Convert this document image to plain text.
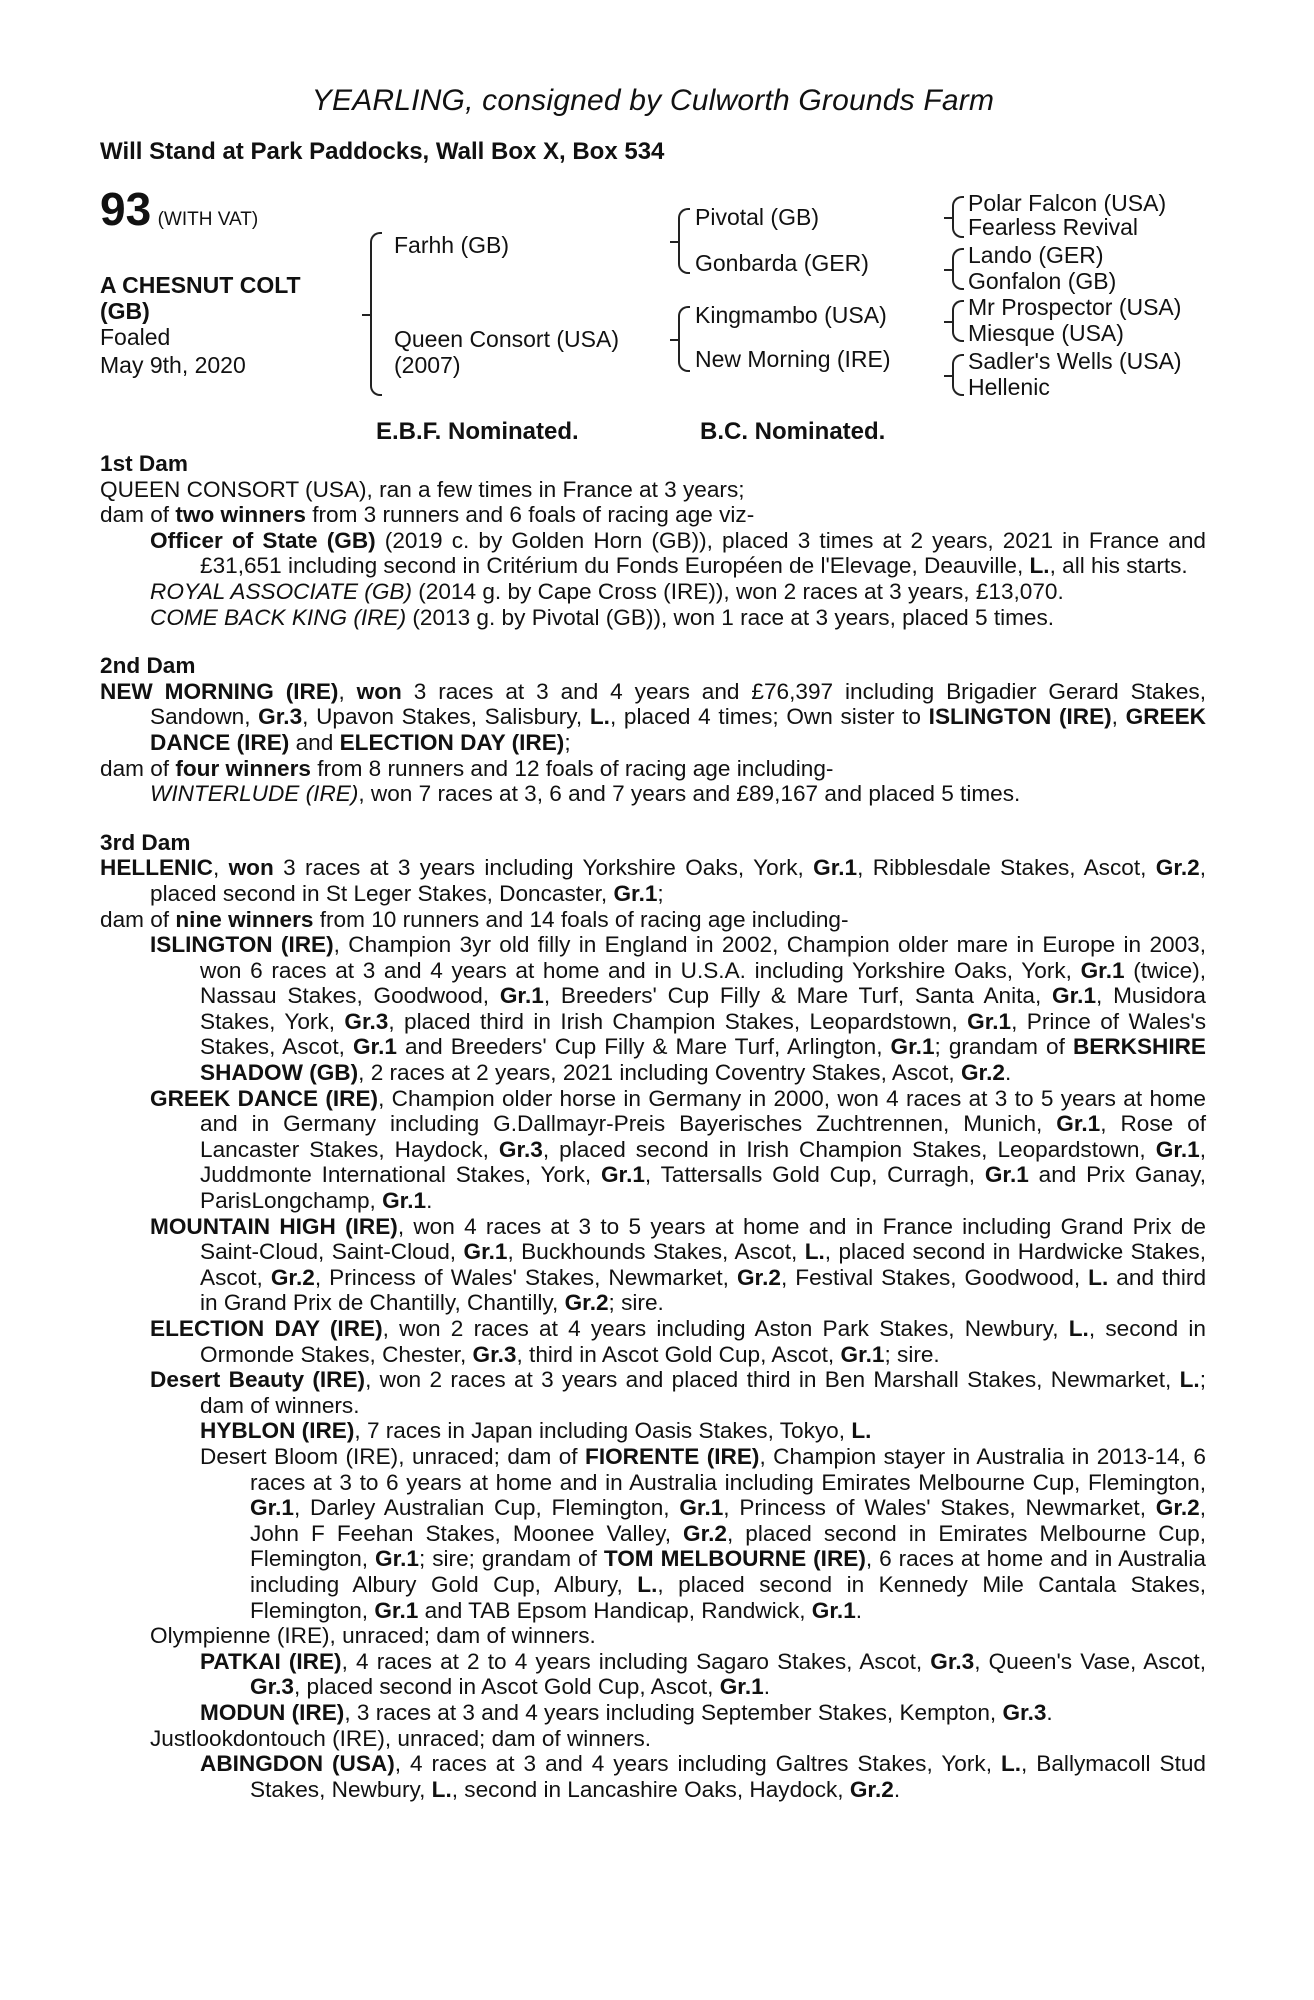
YEARLING, consigned by Culworth Grounds Farm
Will Stand at Park Paddocks, Wall Box X, Box 534
93 (WITH VAT)
A CHESNUT COLT
(GB)
Foaled
May 9th, 2020
Farhh (GB)
Queen Consort (USA)
(2007)
Pivotal (GB)
Gonbarda (GER)
Kingmambo (USA)
New Morning (IRE)
Polar Falcon (USA)
Fearless Revival
Lando (GER)
Gonfalon (GB)
Mr Prospector (USA)
Miesque (USA)
Sadler's Wells (USA)
Hellenic
E.B.F. Nominated.	B.C. Nominated.
1st Dam

QUEEN CONSORT (USA), ran a few times in France at 3 years;

dam of two winners from 3 runners and 6 foals of racing age viz-

Officer of State (GB) (2019 c. by Golden Horn (GB)), placed 3 times at 2 years, 2021 in France and £31,651 including second in Critérium du Fonds Européen de l'Elevage, Deauville, L., all his starts.

ROYAL ASSOCIATE (GB) (2014 g. by Cape Cross (IRE)), won 2 races at 3 years, £13,070.

COME BACK KING (IRE) (2013 g. by Pivotal (GB)), won 1 race at 3 years, placed 5 times.

2nd Dam

NEW MORNING (IRE), won 3 races at 3 and 4 years and £76,397 including Brigadier Gerard Stakes, Sandown, Gr.3, Upavon Stakes, Salisbury, L., placed 4 times; Own sister to ISLINGTON (IRE), GREEK DANCE (IRE) and ELECTION DAY (IRE);

dam of four winners from 8 runners and 12 foals of racing age including-

WINTERLUDE (IRE), won 7 races at 3, 6 and 7 years and £89,167 and placed 5 times.

3rd Dam

HELLENIC, won 3 races at 3 years including Yorkshire Oaks, York, Gr.1, Ribblesdale Stakes, Ascot, Gr.2, placed second in St Leger Stakes, Doncaster, Gr.1;

dam of nine winners from 10 runners and 14 foals of racing age including-

ISLINGTON (IRE), Champion 3yr old filly in England in 2002, Champion older mare in Europe in 2003, won 6 races at 3 and 4 years at home and in U.S.A. including Yorkshire Oaks, York, Gr.1 (twice), Nassau Stakes, Goodwood, Gr.1, Breeders' Cup Filly & Mare Turf, Santa Anita, Gr.1, Musidora Stakes, York, Gr.3, placed third in Irish Champion Stakes, Leopardstown, Gr.1, Prince of Wales's Stakes, Ascot, Gr.1 and Breeders' Cup Filly & Mare Turf, Arlington, Gr.1; grandam of BERKSHIRE SHADOW (GB), 2 races at 2 years, 2021 including Coventry Stakes, Ascot, Gr.2.

GREEK DANCE (IRE), Champion older horse in Germany in 2000, won 4 races at 3 to 5 years at home and in Germany including G.Dallmayr-Preis Bayerisches Zuchtrennen, Munich, Gr.1, Rose of Lancaster Stakes, Haydock, Gr.3, placed second in Irish Champion Stakes, Leopardstown, Gr.1, Juddmonte International Stakes, York, Gr.1, Tattersalls Gold Cup, Curragh, Gr.1 and Prix Ganay, ParisLongchamp, Gr.1.

MOUNTAIN HIGH (IRE), won 4 races at 3 to 5 years at home and in France including Grand Prix de Saint-Cloud, Saint-Cloud, Gr.1, Buckhounds Stakes, Ascot, L., placed second in Hardwicke Stakes, Ascot, Gr.2, Princess of Wales' Stakes, Newmarket, Gr.2, Festival Stakes, Goodwood, L. and third in Grand Prix de Chantilly, Chantilly, Gr.2; sire.

ELECTION DAY (IRE), won 2 races at 4 years including Aston Park Stakes, Newbury, L., second in Ormonde Stakes, Chester, Gr.3, third in Ascot Gold Cup, Ascot, Gr.1; sire.

Desert Beauty (IRE), won 2 races at 3 years and placed third in Ben Marshall Stakes, Newmarket, L.; dam of winners.

HYBLON (IRE), 7 races in Japan including Oasis Stakes, Tokyo, L.

Desert Bloom (IRE), unraced; dam of FIORENTE (IRE), Champion stayer in Australia in 2013-14, 6 races at 3 to 6 years at home and in Australia including Emirates Melbourne Cup, Flemington, Gr.1, Darley Australian Cup, Flemington, Gr.1, Princess of Wales' Stakes, Newmarket, Gr.2, John F Feehan Stakes, Moonee Valley, Gr.2, placed second in Emirates Melbourne Cup, Flemington, Gr.1; sire; grandam of TOM MELBOURNE (IRE), 6 races at home and in Australia including Albury Gold Cup, Albury, L., placed second in Kennedy Mile Cantala Stakes, Flemington, Gr.1 and TAB Epsom Handicap, Randwick, Gr.1.

Olympienne (IRE), unraced; dam of winners.

PATKAI (IRE), 4 races at 2 to 4 years including Sagaro Stakes, Ascot, Gr.3, Queen's Vase, Ascot, Gr.3, placed second in Ascot Gold Cup, Ascot, Gr.1.

MODUN (IRE), 3 races at 3 and 4 years including September Stakes, Kempton, Gr.3.

Justlookdontouch (IRE), unraced; dam of winners.

ABINGDON (USA), 4 races at 3 and 4 years including Galtres Stakes, York, L., Ballymacoll Stud Stakes, Newbury, L., second in Lancashire Oaks, Haydock, Gr.2.
